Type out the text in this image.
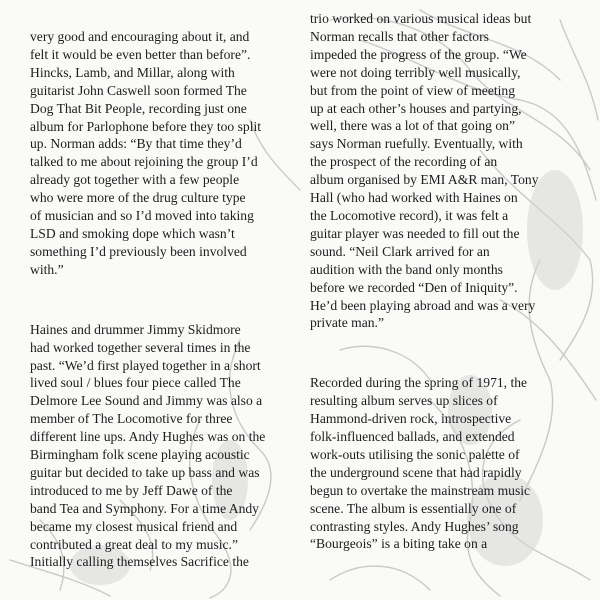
very good and encouraging about it, and
felt it would be even better than before”.
Hincks, Lamb, and Millar, along with
guitarist John Caswell soon formed The
Dog That Bit People, recording just one
album for Parlophone before they too split
up. Norman adds: “By that time they’d
talked to me about rejoining the group I’d
already got together with a few people
who were more of the drug culture type
of musician and so I’d moved into taking
LSD and smoking dope which wasn’t
something I’d previously been involved
with.”

Haines and drummer Jimmy Skidmore
had worked together several times in the
past. “We’d first played together in a short
lived soul / blues four piece called The
Delmore Lee Sound and Jimmy was also a
member of The Locomotive for three
different line ups. Andy Hughes was on the
Birmingham folk scene playing acoustic
guitar but decided to take up bass and was
introduced to me by Jeff Dawe of the
band Tea and Symphony. For a time Andy
became my closest musical friend and
contributed a great deal to my music.”
Initially calling themselves Sacrifice the

trio worked on various musical ideas but
Norman recalls that other factors
impeded the progress of the group. “We
were not doing terribly well musically,
but from the point of view of meeting
up at each other’s houses and partying,
well, there was a lot of that going on”
says Norman ruefully. Eventually, with
the prospect of the recording of an
album organised by EMI A&R man, Tony
Hall (who had worked with Haines on
the Locomotive record), it was felt a
guitar player was needed to fill out the
sound. “Neil Clark arrived for an
audition with the band only months
before we recorded “Den of Iniquity”.
He’d been playing abroad and was a very
private man.”

Recorded during the spring of 1971, the
resulting album serves up slices of
Hammond-driven rock, introspective
folk-influenced ballads, and extended
work-outs utilising the sonic palette of
the underground scene that had rapidly
begun to overtake the mainstream music
scene. The album is essentially one of
contrasting styles. Andy Hughes’ song
“Bourgeois” is a biting take on a
